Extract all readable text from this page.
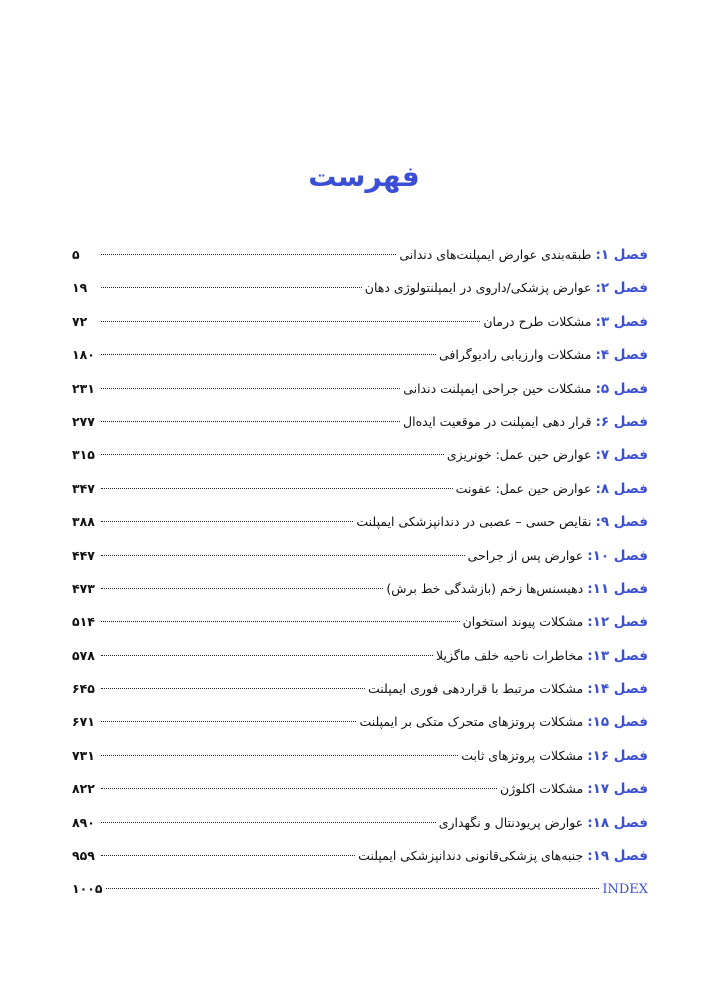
فهرست
فصل ۱:
طبقه‌بندی عوارض ایمپلنت‌های دندانی
۵
فصل ۲:
عوارض پزشکی/داروی در ایمپلنتولوژی دهان
۱۹
فصل ۳:
مشکلات طرح درمان
۷۲
فصل ۴:
مشکلات وارزیابی رادیوگرافی
۱۸۰
فصل ۵:
مشکلات حین جراحی ایمپلنت دندانی
۲۳۱
فصل ۶:
قرار دهی ایمپلنت در موقعیت ایده‌ال
۲۷۷
فصل ۷:
عوارض حین عمل: خونریزی
۳۱۵
فصل ۸:
عوارض حین عمل: عفونت
۳۴۷
فصل ۹:
نقایص حسی – عصبی در دندانپزشکی ایمپلنت
۳۸۸
فصل ۱۰:
عوارض پس از جراحی
۴۴۷
فصل ۱۱:
دهیسنس‌ها زخم (بازشدگی خط برش)
۴۷۳
فصل ۱۲:
مشکلات پیوند استخوان
۵۱۴
فصل ۱۳:
مخاطرات ناحیه خلف ماگزیلا
۵۷۸
فصل ۱۴:
مشکلات مرتبط با قراردهی فوری ایمپلنت
۶۴۵
فصل ۱۵:
مشکلات پروتزهای متحرک متکی بر ایمپلنت
۶۷۱
فصل ۱۶:
مشکلات پروتزهای ثابت
۷۳۱
فصل ۱۷:
مشکلات اکلوژن
۸۲۲
فصل ۱۸:
عوارض پریودنتال و نگهداری
۸۹۰
فصل ۱۹:
جنبه‌های پزشکی‌قانونی دندانپزشکی ایمپلنت
۹۵۹
INDEX
۱۰۰۵
